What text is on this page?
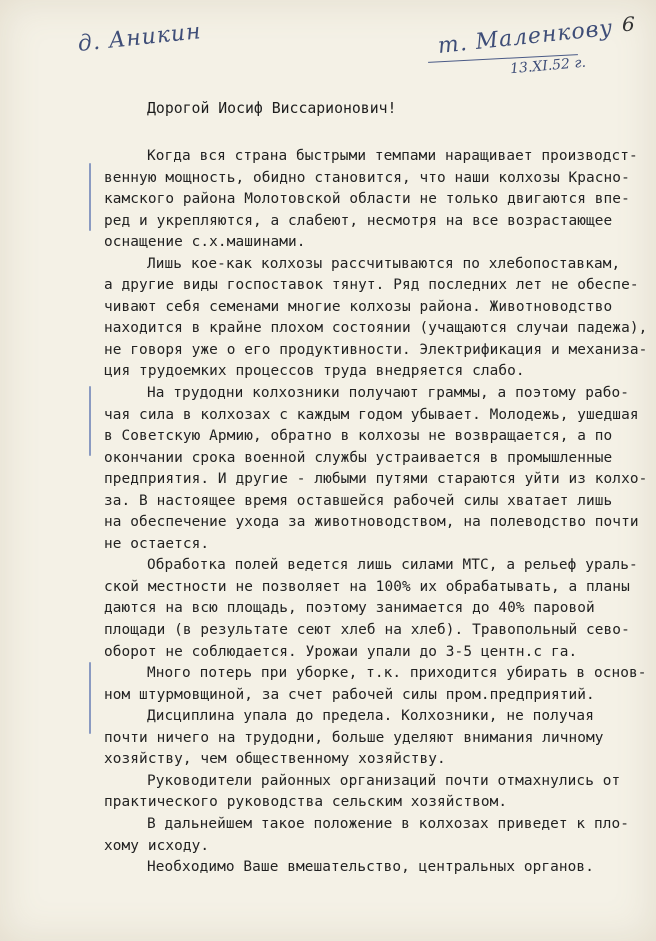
6
д. Аникин	т. Маленкову
13.XI.52 г.
Дорогой Иосиф Виссарионович!
Когда вся страна быстрыми темпами наращивает производст-
венную мощность, обидно становится, что наши колхозы Красно-
камского района Молотовской области не только двигаются впе-
ред и укрепляются, а слабеют, несмотря на все возрастающее
оснащение с.х.машинами.
Лишь кое-как колхозы рассчитываются по хлебопоставкам,
а другие виды госпоставок тянут. Ряд последних лет не обеспе-
чивают себя семенами многие колхозы района. Животноводство
находится в крайне плохом состоянии (учащаются случаи падежа),
не говоря уже о его продуктивности. Электрификация и механиза-
ция трудоемких процессов труда внедряется слабо.
На трудодни колхозники получают граммы, а поэтому рабо-
чая сила в колхозах с каждым годом убывает. Молодежь, ушедшая
в Советскую Армию, обратно в колхозы не возвращается, а по
окончании срока военной службы устраивается в промышленные
предприятия. И другие - любыми путями стараются уйти из колхо-
за. В настоящее время оставшейся рабочей силы хватает лишь
на обеспечение ухода за животноводством, на полеводство почти
не остается.
Обработка полей ведется лишь силами МТС, а рельеф ураль-
ской местности не позволяет на 100% их обрабатывать, а планы
даются на всю площадь, поэтому занимается до 40% паровой
площади (в результате сеют хлеб на хлеб). Травопольный сево-
оборот не соблюдается. Урожаи упали до 3-5 центн.с га.
Много потерь при уборке, т.к. приходится убирать в основ-
ном штурмовщиной, за счет рабочей силы пром.предприятий.
Дисциплина упала до предела. Колхозники, не получая
почти ничего на трудодни, больше уделяют внимания личному
хозяйству, чем общественному хозяйству.
Руководители районных организаций почти отмахнулись от
практического руководства сельским хозяйством.
В дальнейшем такое положение в колхозах приведет к пло-
хому исходу.
Необходимо Ваше вмешательство, центральных органов.
